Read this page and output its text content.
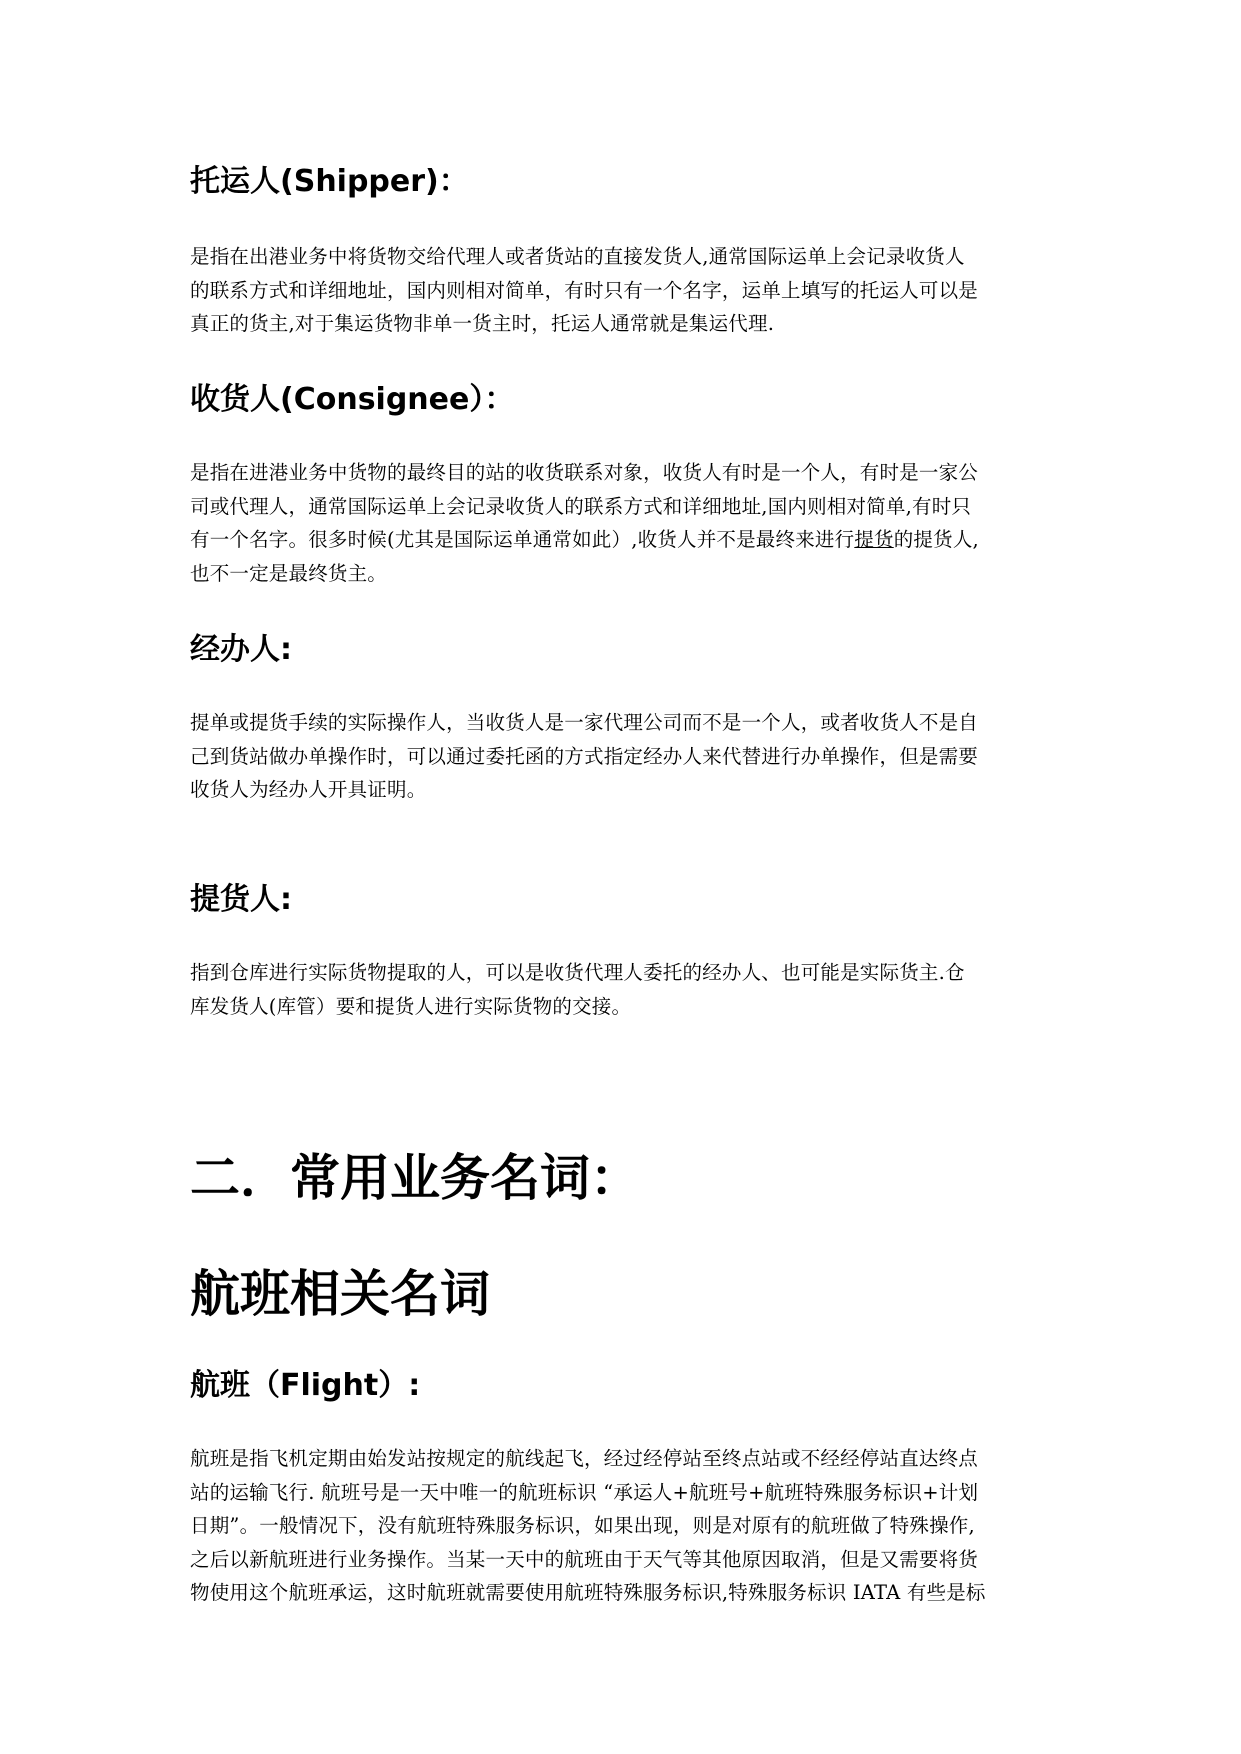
托运人(Shipper)：
是指在出港业务中将货物交给代理人或者货站的直接发货人,通常国际运单上会记录收货人
的联系方式和详细地址，国内则相对简单，有时只有一个名字，运单上填写的托运人可以是
真正的货主,对于集运货物非单一货主时，托运人通常就是集运代理.
收货人(Consignee）：
是指在进港业务中货物的最终目的站的收货联系对象，收货人有时是一个人，有时是一家公
司或代理人，通常国际运单上会记录收货人的联系方式和详细地址,国内则相对简单,有时只
有一个名字。很多时候(尤其是国际运单通常如此）,收货人并不是最终来进行提货的提货人,
也不一定是最终货主。
经办人:
提单或提货手续的实际操作人，当收货人是一家代理公司而不是一个人，或者收货人不是自
己到货站做办单操作时，可以通过委托函的方式指定经办人来代替进行办单操作，但是需要
收货人为经办人开具证明。
提货人:
指到仓库进行实际货物提取的人，可以是收货代理人委托的经办人、也可能是实际货主.仓
库发货人(库管）要和提货人进行实际货物的交接。
二．常用业务名词：
航班相关名词
航班（Flight）:
航班是指飞机定期由始发站按规定的航线起飞，经过经停站至终点站或不经经停站直达终点
站的运输飞行. 航班号是一天中唯一的航班标识 “承运人+航班号+航班特殊服务标识+计划
日期”。一般情况下，没有航班特殊服务标识，如果出现，则是对原有的航班做了特殊操作,
之后以新航班进行业务操作。当某一天中的航班由于天气等其他原因取消，但是又需要将货
物使用这个航班承运，这时航班就需要使用航班特殊服务标识,特殊服务标识 IATA 有些是标
